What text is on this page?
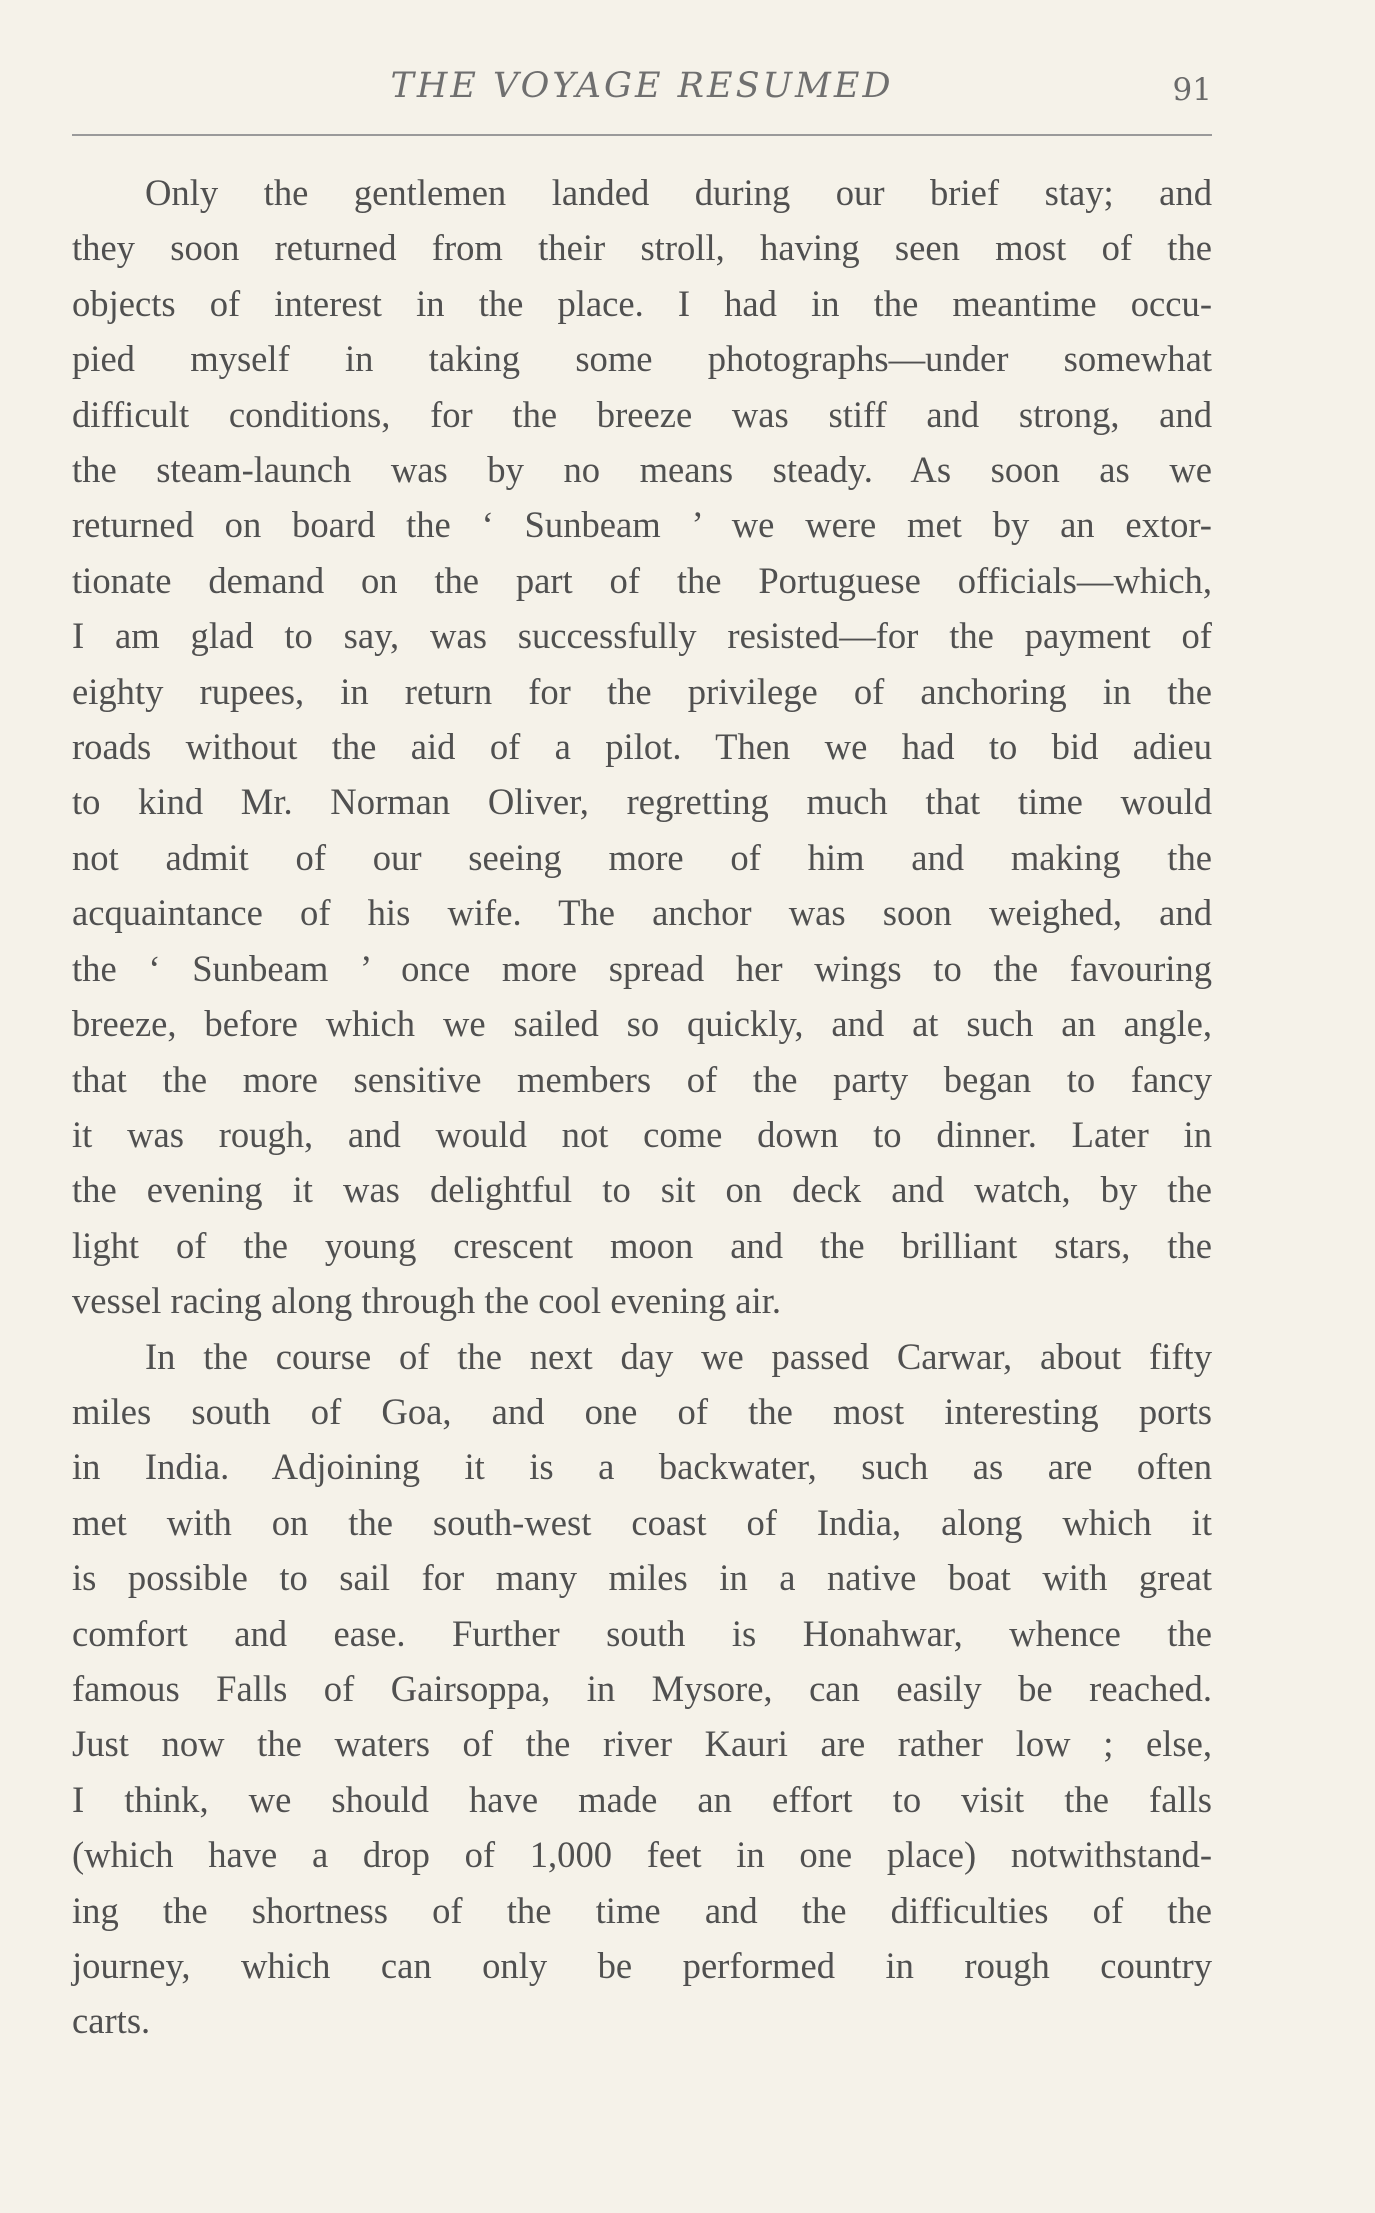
THE VOYAGE RESUMED	91
Only the gentlemen landed during our brief stay; and
they soon returned from their stroll, having seen most of the
objects of interest in the place. I had in the meantime occu-
pied myself in taking some photographs—under somewhat
difficult conditions, for the breeze was stiff and strong, and
the steam-launch was by no means steady. As soon as we
returned on board the ‘ Sunbeam ’ we were met by an extor-
tionate demand on the part of the Portuguese officials—which,
I am glad to say, was successfully resisted—for the payment of
eighty rupees, in return for the privilege of anchoring in the
roads without the aid of a pilot. Then we had to bid adieu
to kind Mr. Norman Oliver, regretting much that time would
not admit of our seeing more of him and making the
acquaintance of his wife. The anchor was soon weighed, and
the ‘ Sunbeam ’ once more spread her wings to the favouring
breeze, before which we sailed so quickly, and at such an angle,
that the more sensitive members of the party began to fancy
it was rough, and would not come down to dinner. Later in
the evening it was delightful to sit on deck and watch, by the
light of the young crescent moon and the brilliant stars, the
vessel racing along through the cool evening air.
In the course of the next day we passed Carwar, about fifty
miles south of Goa, and one of the most interesting ports
in India. Adjoining it is a backwater, such as are often
met with on the south-west coast of India, along which it
is possible to sail for many miles in a native boat with great
comfort and ease. Further south is Honahwar, whence the
famous Falls of Gairsoppa, in Mysore, can easily be reached.
Just now the waters of the river Kauri are rather low ; else,
I think, we should have made an effort to visit the falls
(which have a drop of 1,000 feet in one place) notwithstand-
ing the shortness of the time and the difficulties of the
journey, which can only be performed in rough country
carts.
